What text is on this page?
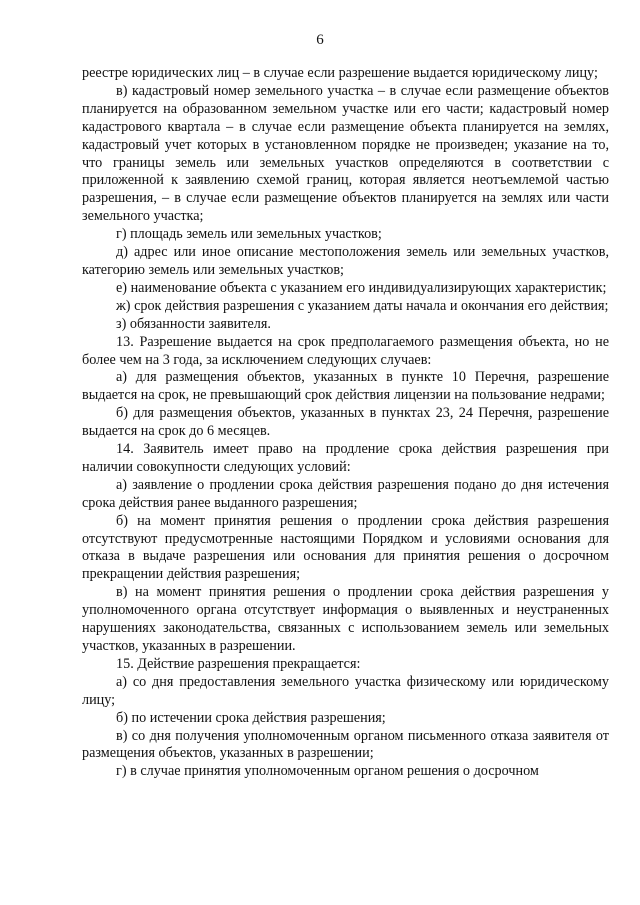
6

реестре юридических лиц – в случае если разрешение выдается юридическому лицу;

в) кадастровый номер земельного участка – в случае если размещение объектов планируется на образованном земельном участке или его части; кадастровый номер кадастрового квартала – в случае если размещение объекта планируется на землях, кадастровый учет которых в установленном порядке не произведен; указание на то, что границы земель или земельных участков определяются в соответствии с приложенной к заявлению схемой границ, которая является неотъемлемой частью разрешения, – в случае если размещение объектов планируется на землях или части земельного участка;

г) площадь земель или земельных участков;

д) адрес или иное описание местоположения земель или земельных участков, категорию земель или земельных участков;

е) наименование объекта с указанием его индивидуализирующих характеристик;

ж) срок действия разрешения с указанием даты начала и окончания его действия;

з) обязанности заявителя.

13. Разрешение выдается на срок предполагаемого размещения объекта, но не более чем на 3 года, за исключением следующих случаев:

а) для размещения объектов, указанных в пункте 10 Перечня, разрешение выдается на срок, не превышающий срок действия лицензии на пользование недрами;

б) для размещения объектов, указанных в пунктах 23, 24 Перечня, разрешение выдается на срок до 6 месяцев.

14. Заявитель имеет право на продление срока действия разрешения при наличии совокупности следующих условий:

а) заявление о продлении срока действия разрешения подано до дня истечения срока действия ранее выданного разрешения;

б) на момент принятия решения о продлении срока действия разрешения отсутствуют предусмотренные настоящими Порядком и условиями основания для отказа в выдаче разрешения или основания для принятия решения о досрочном прекращении действия разрешения;

в) на момент принятия решения о продлении срока действия разрешения у уполномоченного органа отсутствует информация о выявленных и неустраненных нарушениях законодательства, связанных с использованием земель или земельных участков, указанных в разрешении.

15. Действие разрешения прекращается:

а) со дня предоставления земельного участка физическому или юридическому лицу;

б) по истечении срока действия разрешения;

в) со дня получения уполномоченным органом письменного отказа заявителя от размещения объектов, указанных в разрешении;

г) в случае принятия уполномоченным органом решения о досрочном
